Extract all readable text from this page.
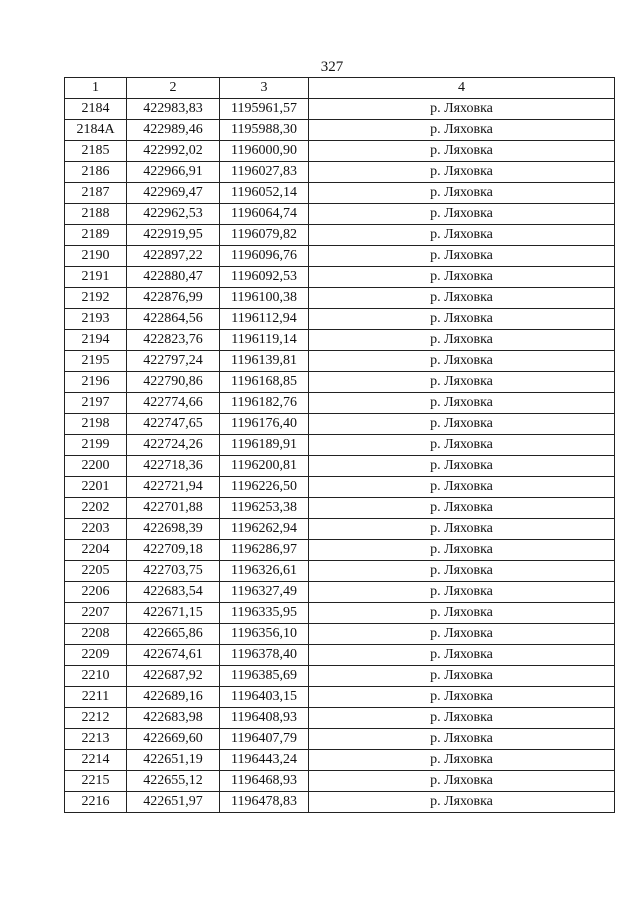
327
1	2	3	4
2184	422983,83	1195961,57	р. Ляховка
2184А	422989,46	1195988,30	р. Ляховка
2185	422992,02	1196000,90	р. Ляховка
2186	422966,91	1196027,83	р. Ляховка
2187	422969,47	1196052,14	р. Ляховка
2188	422962,53	1196064,74	р. Ляховка
2189	422919,95	1196079,82	р. Ляховка
2190	422897,22	1196096,76	р. Ляховка
2191	422880,47	1196092,53	р. Ляховка
2192	422876,99	1196100,38	р. Ляховка
2193	422864,56	1196112,94	р. Ляховка
2194	422823,76	1196119,14	р. Ляховка
2195	422797,24	1196139,81	р. Ляховка
2196	422790,86	1196168,85	р. Ляховка
2197	422774,66	1196182,76	р. Ляховка
2198	422747,65	1196176,40	р. Ляховка
2199	422724,26	1196189,91	р. Ляховка
2200	422718,36	1196200,81	р. Ляховка
2201	422721,94	1196226,50	р. Ляховка
2202	422701,88	1196253,38	р. Ляховка
2203	422698,39	1196262,94	р. Ляховка
2204	422709,18	1196286,97	р. Ляховка
2205	422703,75	1196326,61	р. Ляховка
2206	422683,54	1196327,49	р. Ляховка
2207	422671,15	1196335,95	р. Ляховка
2208	422665,86	1196356,10	р. Ляховка
2209	422674,61	1196378,40	р. Ляховка
2210	422687,92	1196385,69	р. Ляховка
2211	422689,16	1196403,15	р. Ляховка
2212	422683,98	1196408,93	р. Ляховка
2213	422669,60	1196407,79	р. Ляховка
2214	422651,19	1196443,24	р. Ляховка
2215	422655,12	1196468,93	р. Ляховка
2216	422651,97	1196478,83	р. Ляховка
